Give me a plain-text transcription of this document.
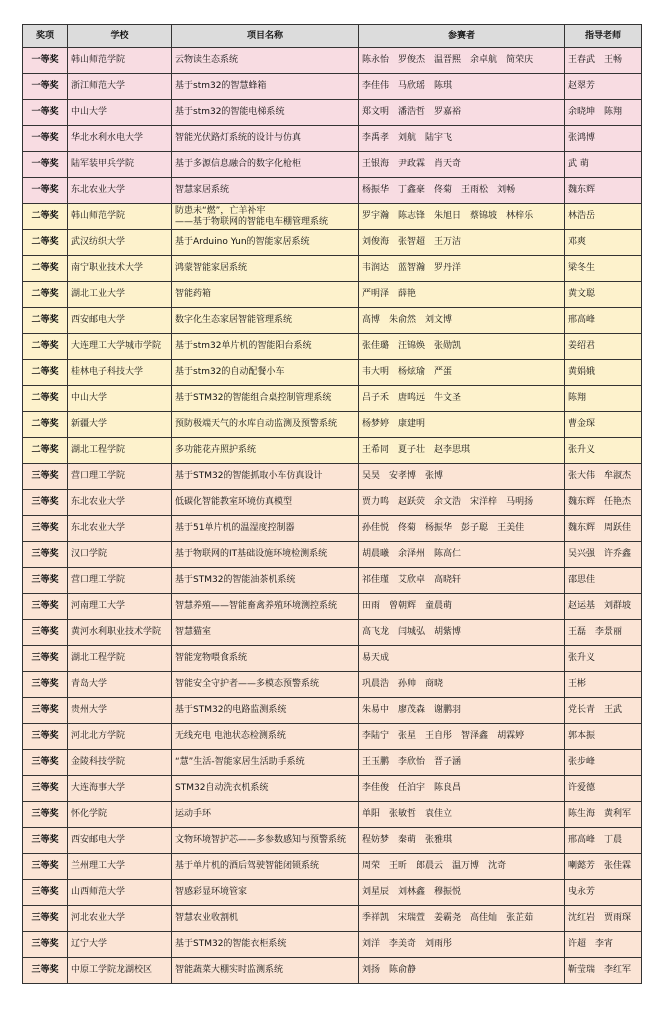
奖项	学校	项目名称	参赛者	指导老师
一等奖	韩山师范学院	云物读生态系统	陈永怡 罗俊杰 温晋熙 余卓航 简荣庆	王春武 王畅
一等奖	浙江师范大学	基于stm32的智慧蜂箱	李佳伟 马欣瑶 陈琪	赵翠芳
一等奖	中山大学	基于stm32的智能电梯系统	郑文明 潘浩哲 罗嘉裕	余晓坤 陈翔
一等奖	华北水利水电大学	智能光伏路灯系统的设计与仿真	李禹孝 刘航 陆宇飞	张鸿博
一等奖	陆军装甲兵学院	基于多源信息融合的数字化枪柜	王银海 尹政霖 肖天奇	武 萌
一等奖	东北农业大学	智慧家居系统	杨振华 丁鑫豪 佟菊 王雨松 刘畅	魏东辉
二等奖	韩山师范学院	防患未“燃”，亡羊补牢
——基于物联网的智能电车棚管理系统	罗宇瀚 陈志锋 朱旭日 蔡锦坡 林梓乐	林浩岳
二等奖	武汉纺织大学	基于Arduino Yun的智能家居系统	刘俊海 张智超 王万洁	邓爽
二等奖	南宁职业技术大学	鸿蒙智能家居系统	韦润达 蓝智瀚 罗丹洋	梁冬生
二等奖	湖北工业大学	智能药箱	严明泽 薛艳	黄文聪
二等奖	西安邮电大学	数字化生态家居智能管理系统	高博 朱俞然 刘文博	邢高峰
二等奖	大连理工大学城市学院	基于stm32单片机的智能阳台系统	张佳璐 汪锦焕 张勋凯	姜绍君
二等奖	桂林电子科技大学	基于stm32的自动配餐小车	韦大明 杨炫瑜 严蛋	黄娟娥
二等奖	中山大学	基于STM32的智能组合桌控制管理系统	吕子禾 唐鸣远 牛文圣	陈翔
二等奖	新疆大学	预防极端天气的水库自动监测及预警系统	杨梦婷 康建明	曹金琛
二等奖	湖北工程学院	多功能花卉照护系统	王希同 夏子壮 赵李思琪	张升义
三等奖	营口理工学院	基于STM32的智能抓取小车仿真设计	吴昊 安孝博 张博	张大伟 牟淑杰
三等奖	东北农业大学	低碳化智能教室环境仿真模型	贾力鸣 赵跃荧 余文浩 宋洋梓 马明扬	魏东辉 任艳杰
三等奖	东北农业大学	基于51单片机的温湿度控制器	孙佳悦 佟菊 杨振华 彭子聪 王美佳	魏东辉 周跃佳
三等奖	汉口学院	基于物联网的IT基础设施环境检测系统	胡晨曦 余泽州 陈高仁	吴兴强 许乔鑫
三等奖	营口理工学院	基于STM32的智能油茶机系统	祁佳瑾 艾欣卓 高晓轩	邵思佳
三等奖	河南理工大学	智慧养殖——智能畜禽养殖环境测控系统	田雨 曾朝辉 童晨萌	赵运基 刘群坡
三等奖	黄河水利职业技术学院	智慧猫室	高飞龙 闫城弘 胡紫博	王磊 李景丽
三等奖	湖北工程学院	智能宠物喂食系统	易天成	张升义
三等奖	青岛大学	智能安全守护者——多模态预警系统	巩晨浩 孙帅 商晓	王彬
三等奖	贵州大学	基于STM32的电路监测系统	朱易中 廖茂森 谢鹏羽	党长青 王武
三等奖	河北北方学院	无线充电 电池状态检测系统	李陆宁 张星 王自彤 智泽鑫 胡霖婷	郭本振
三等奖	金陵科技学院	“慧”生活-智能家居生活助手系统	王玉鹏 李欣怡 晋子涵	张步峰
三等奖	大连海事大学	STM32自动洗衣机系统	李佳俊 任泊宇 陈良昌	许爱德
三等奖	怀化学院	运动手环	单阳 张敏哲 袁佳立	陈生海 黄利军
三等奖	西安邮电大学	文物环境智护芯——多参数感知与预警系统	程妨梦 秦萌 张雅琪	邢高峰 丁晨
三等奖	兰州理工大学	基于单片机的酒后驾驶智能闭锁系统	周荣 王昕 郎晨云 温万博 沈奇	喇懿芳 张佳霖
三等奖	山西师范大学	智感彩显环境管家	刘星辰 刘林鑫 穆振悦	曳永芳
三等奖	河北农业大学	智慧农业收割机	季祥凯 宋瑞萱 姜霸尧 高佳灿 张芷茹	沈红岩 贾雨琛
三等奖	辽宁大学	基于STM32的智能衣柜系统	刘洋 李美奇 刘雨彤	许超 李宵
三等奖	中原工学院龙湖校区	智能蔬菜大棚实时监测系统	刘扬 陈俞静	靳莹瑞 李红军
